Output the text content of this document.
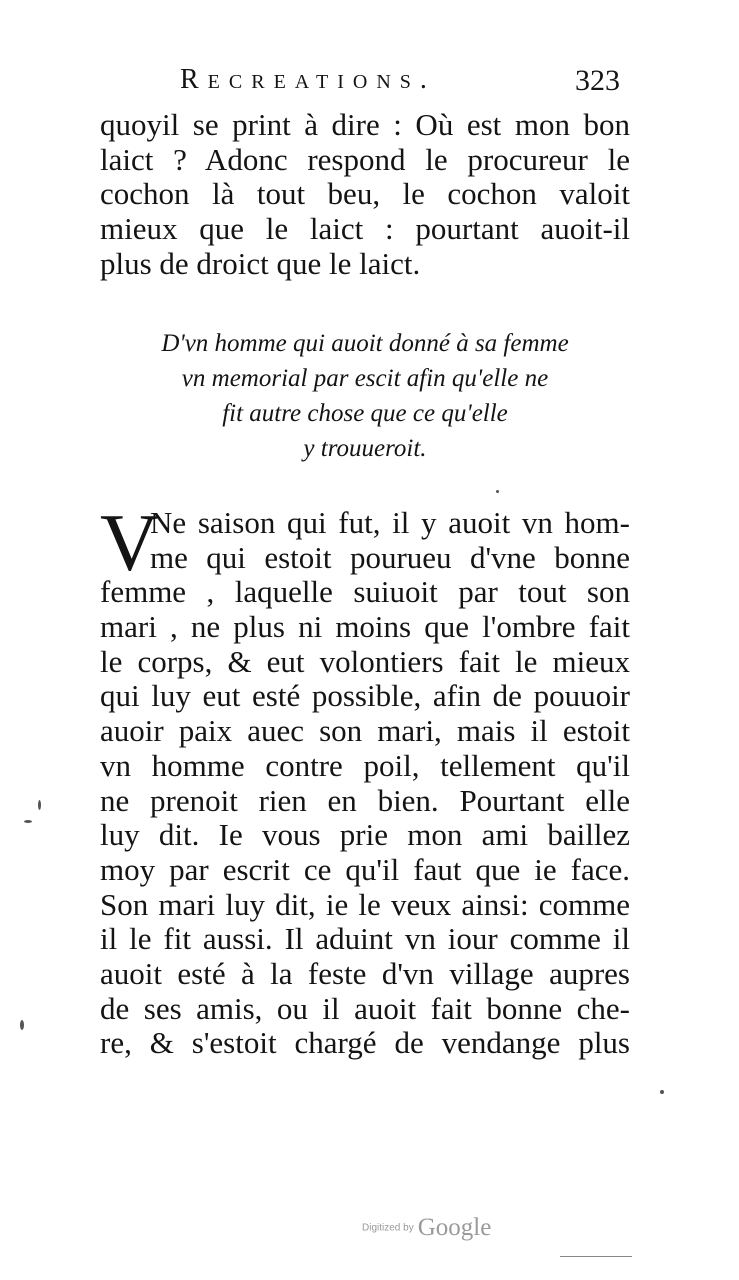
Recreations.	323
quoyil se print à dire : Où est mon bon
laict ? Adonc respond le procureur le
cochon là tout beu, le cochon valoit
mieux que le laict : pourtant auoit-il
plus de droict que le laict.
D'vn homme qui auoit donné à sa femme
vn memorial par escit afin qu'elle ne
fit autre chose que ce qu'elle
y trouueroit.
V
Ne saison qui fut, il y auoit vn hom-
me qui estoit pourueu d'vne bonne
femme , laquelle suiuoit par tout son
mari , ne plus ni moins que l'ombre fait
le corps, & eut volontiers fait le mieux
qui luy eut esté possible, afin de pouuoir
auoir paix auec son mari, mais il estoit
vn homme contre poil, tellement qu'il
ne prenoit rien en bien. Pourtant elle
luy dit. Ie vous prie mon ami baillez
moy par escrit ce qu'il faut que ie face.
Son mari luy dit, ie le veux ainsi: comme
il le fit aussi. Il aduint vn iour comme il
auoit esté à la feste d'vn village aupres
de ses amis, ou il auoit fait bonne che-
re, & s'estoit chargé de vendange plus
Digitized by Google
